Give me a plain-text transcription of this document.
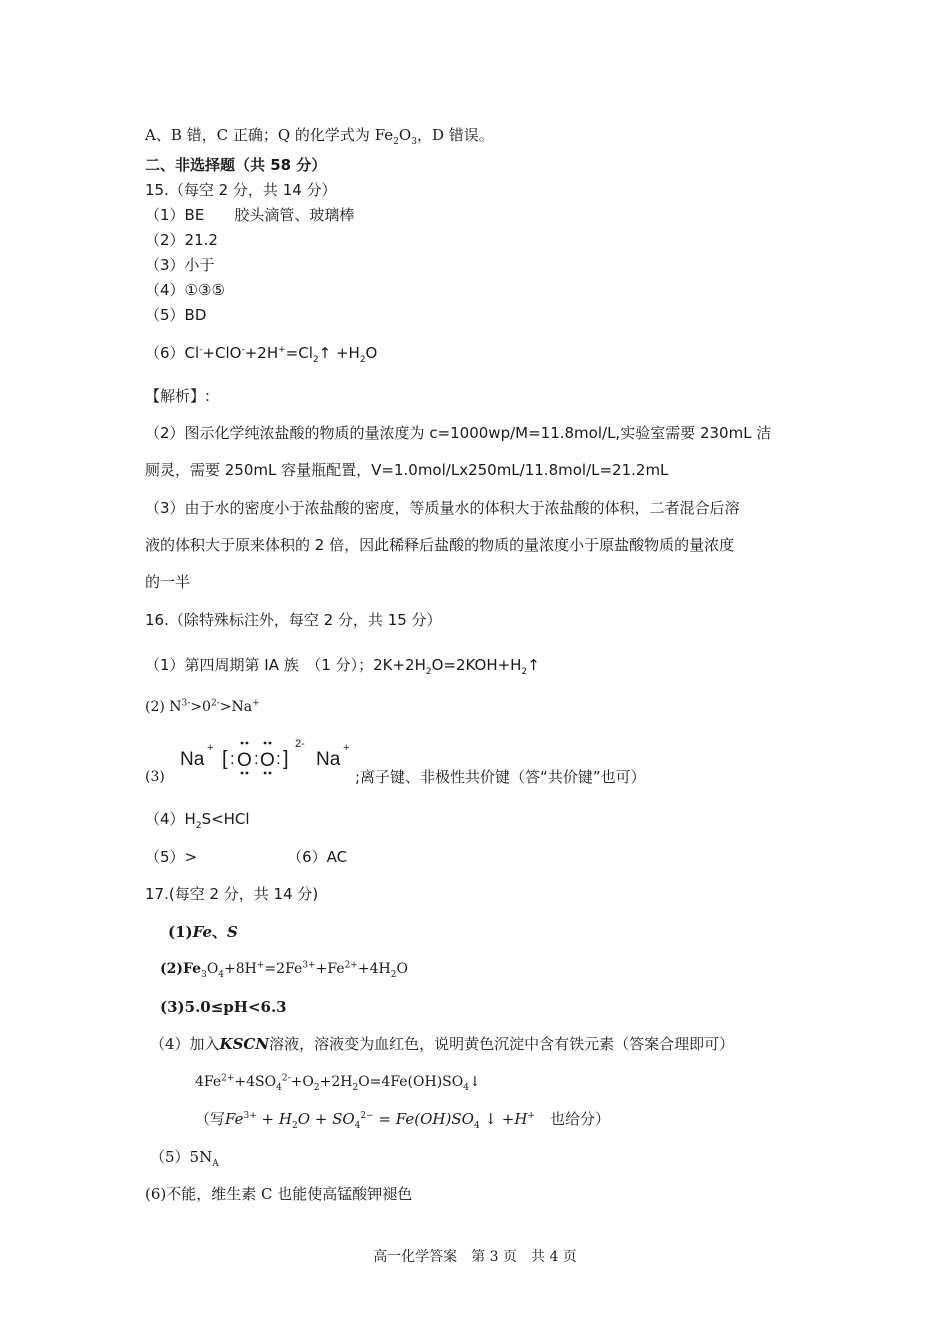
A、B 错，C 正确；Q 的化学式为 $Fe_2O_3$，D 错误。
二、非选择题（共 58 分）
15.（每空 2 分，共 14 分）
（1）BE 胶头滴管、玻璃棒
（2）21.2
（3）小于
（4）①③⑤
（5）BD
$(6)Cl^-+ClO^-+2H^+=Cl_2↑ +H_2O$
【解析】:
（2）图示化学纯浓盐酸的物质的量浓度为 c=1000wp/M=11.8mol/L,实验室需要 230mL 洁
厕灵，需要 250mL 容量瓶配置，V=1.0mol/Lx250mL/11.8mol/L=21.2mL
（3）由于水的密度小于浓盐酸的密度，等质量水的体积大于浓盐酸的体积，二者混合后溶
液的体积大于原来体积的 2 倍，因此稀释后盐酸的物质的量浓度小于原盐酸物质的量浓度
的一半
16.（除特殊标注外，每空 2 分，共 15 分）
（1）第四周期第 IA 族　（1 分）；$2K+2H_2O=2KOH+H_2↑$
(2) $N^{3-}>0^{2-}>Na^+$
(3)
Na
+ [ : O : O : ]
2-
Na
+
;离子键、非极性共价键（答“共价键”也可）
$(4)H_2S<HCl$
（5）>	（6）AC
17.(每空 2 分，共 14 分)
(1)Fe、S
$(2)Fe_3O_4+8H^+=2Fe^{3+}+Fe^{2+}+4H_2O$
(3)5.0≤pH<6.3
（4）加入KSCN溶液，溶液变为血红色，说明黄色沉淀中含有铁元素（答案合理即可）
$4Fe^{2+}+4SO_4^{2-}+O_2+2H_2O=4Fe(OH)SO_4↓$
（写$Fe^{3+} + H_2O + SO_4^{2-} = Fe(OH)SO_4$ ↓ +H+　也给分）
$(5)5N_A$
(6)不能，维生素 C 也能使高锰酸钾褪色
高一化学答案　第 3 页　共 4 页
